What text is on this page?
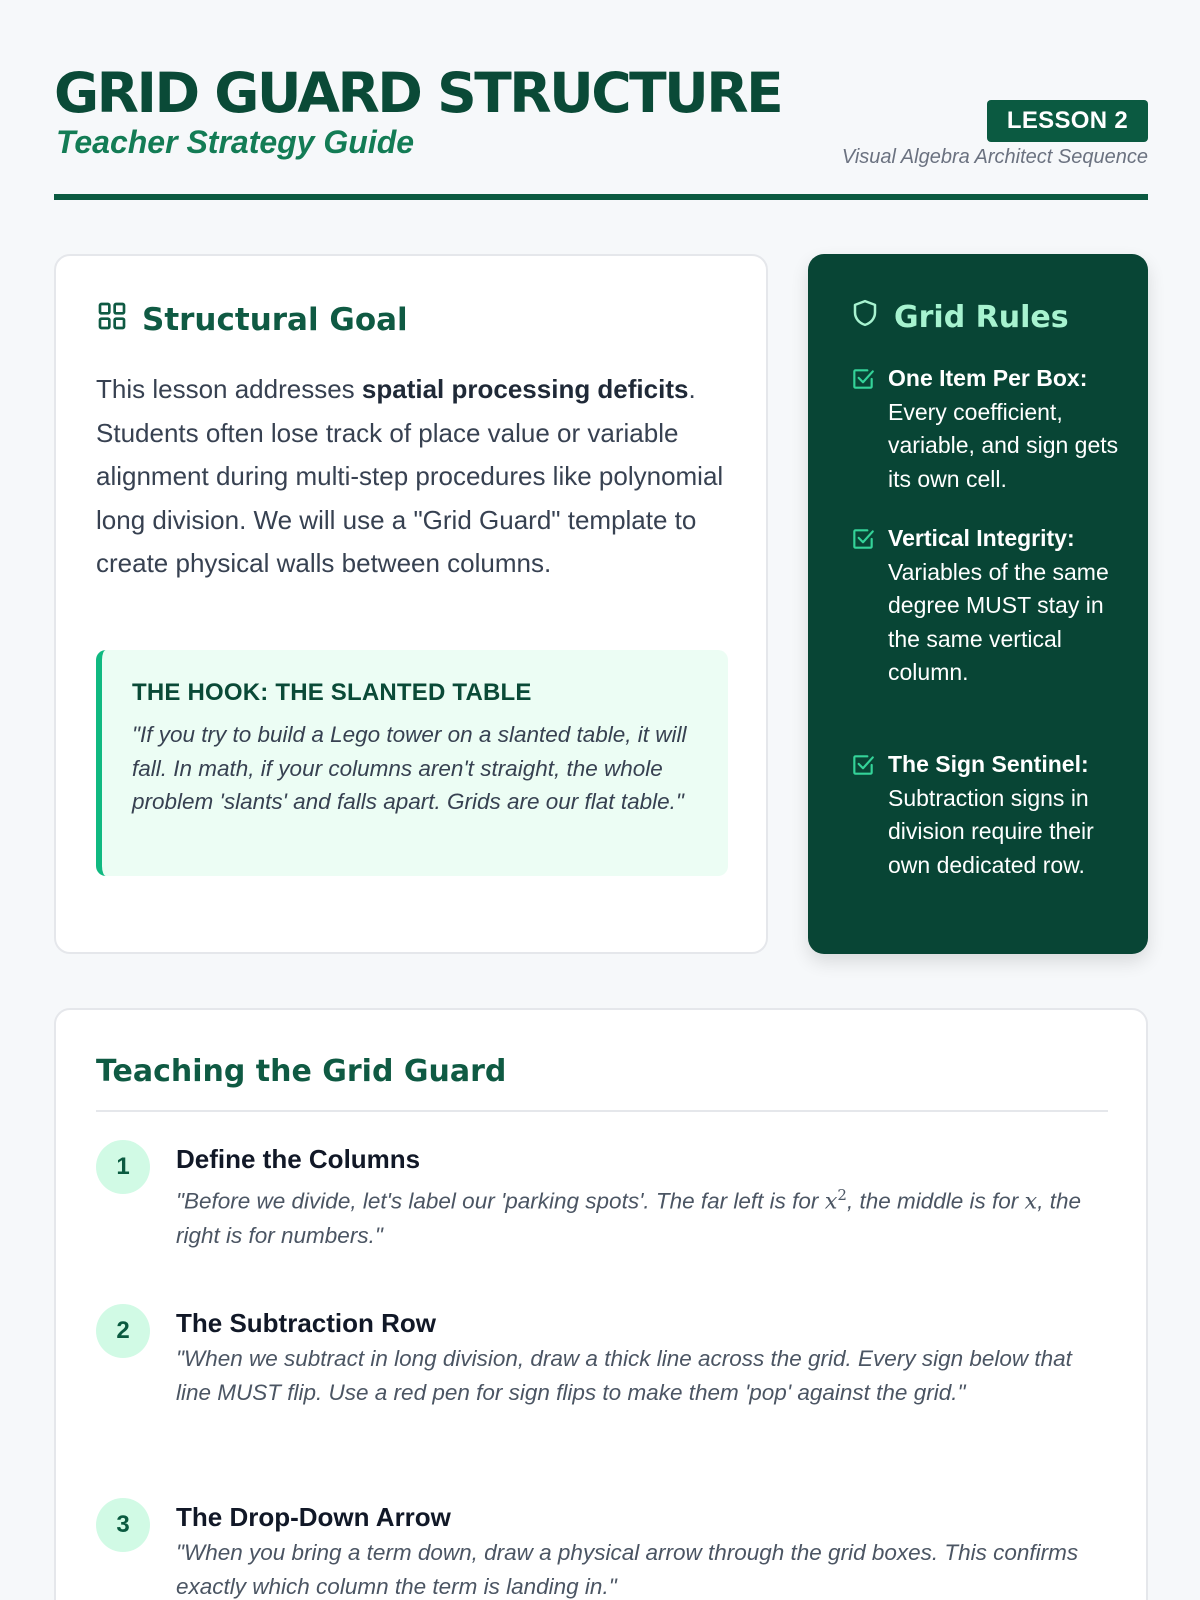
GRID GUARD STRUCTURE
Teacher Strategy Guide
LESSON 2
Visual Algebra Architect Sequence
Structural Goal

This lesson addresses spatial processing deficits. Students often lose track of place value or variable alignment during multi-step procedures like polynomial long division. We will use a "Grid Guard" template to create physical walls between columns.

THE HOOK: THE SLANTED TABLE
"If you try to build a Lego tower on a slanted table, it will fall. In math, if your columns aren't straight, the whole problem 'slants' and falls apart. Grids are our flat table."
Grid Rules
One Item Per Box:
Every coefficient, variable, and sign gets its own cell.
Vertical Integrity:
Variables of the same degree MUST stay in the same vertical column.
The Sign Sentinel:
Subtraction signs in division require their own dedicated row.
Teaching the Grid Guard
1	Define the Columns
"Before we divide, let's label our 'parking spots'. The far left is for $x^2$, the middle is for x, the right is for numbers."
2	The Subtraction Row
"When we subtract in long division, draw a thick line across the grid. Every sign below that line MUST flip. Use a red pen for sign flips to make them 'pop' against the grid."
3	The Drop-Down Arrow
"When you bring a term down, draw a physical arrow through the grid boxes. This confirms exactly which column the term is landing in."
